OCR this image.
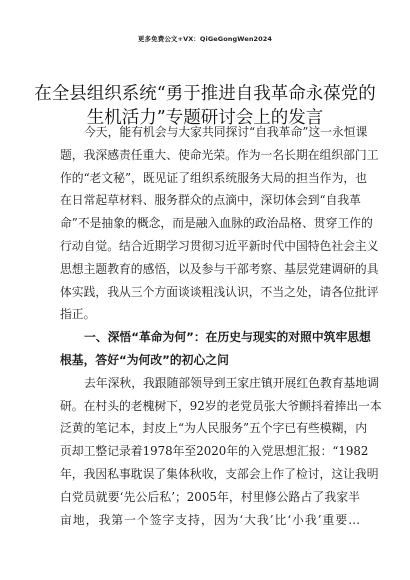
更多免费公文+VX：QiGeGongWen2024
在全县组织系统“勇于推进自我革命永葆党的
生机活力”专题研讨会上的发言
今天，能有机会与大家共同探讨“自我革命”这一永恒课
题，我深感责任重大、使命光荣。作为一名长期在组织部门工
作的“老文秘”，既见证了组织系统服务大局的担当作为，也
在日常起草材料、服务群众的点滴中，深切体会到“自我革
命”不是抽象的概念，而是融入血脉的政治品格、贯穿工作的
行动自觉。结合近期学习贯彻习近平新时代中国特色社会主义
思想主题教育的感悟，以及参与干部考察、基层党建调研的具
体实践，我从三个方面谈谈粗浅认识，不当之处，请各位批评
指正。
一、深悟“革命为何”：在历史与现实的对照中筑牢思想
根基，答好“为何改”的初心之问
去年深秋，我跟随部领导到王家庄镇开展红色教育基地调
研。在村头的老槐树下，92岁的老党员张大爷颤抖着捧出一本
泛黄的笔记本，封皮上“为人民服务”五个字已有些模糊，内
页却工整记录着1978年至2020年的入党思想汇报：“1982
年，我因私事耽误了集体秋收，支部会上作了检讨，这让我明
白党员就要‘先公后私’；2005年，村里修公路占了我家半
亩地，我第一个签字支持，因为‘大我’比‘小我’重要…
